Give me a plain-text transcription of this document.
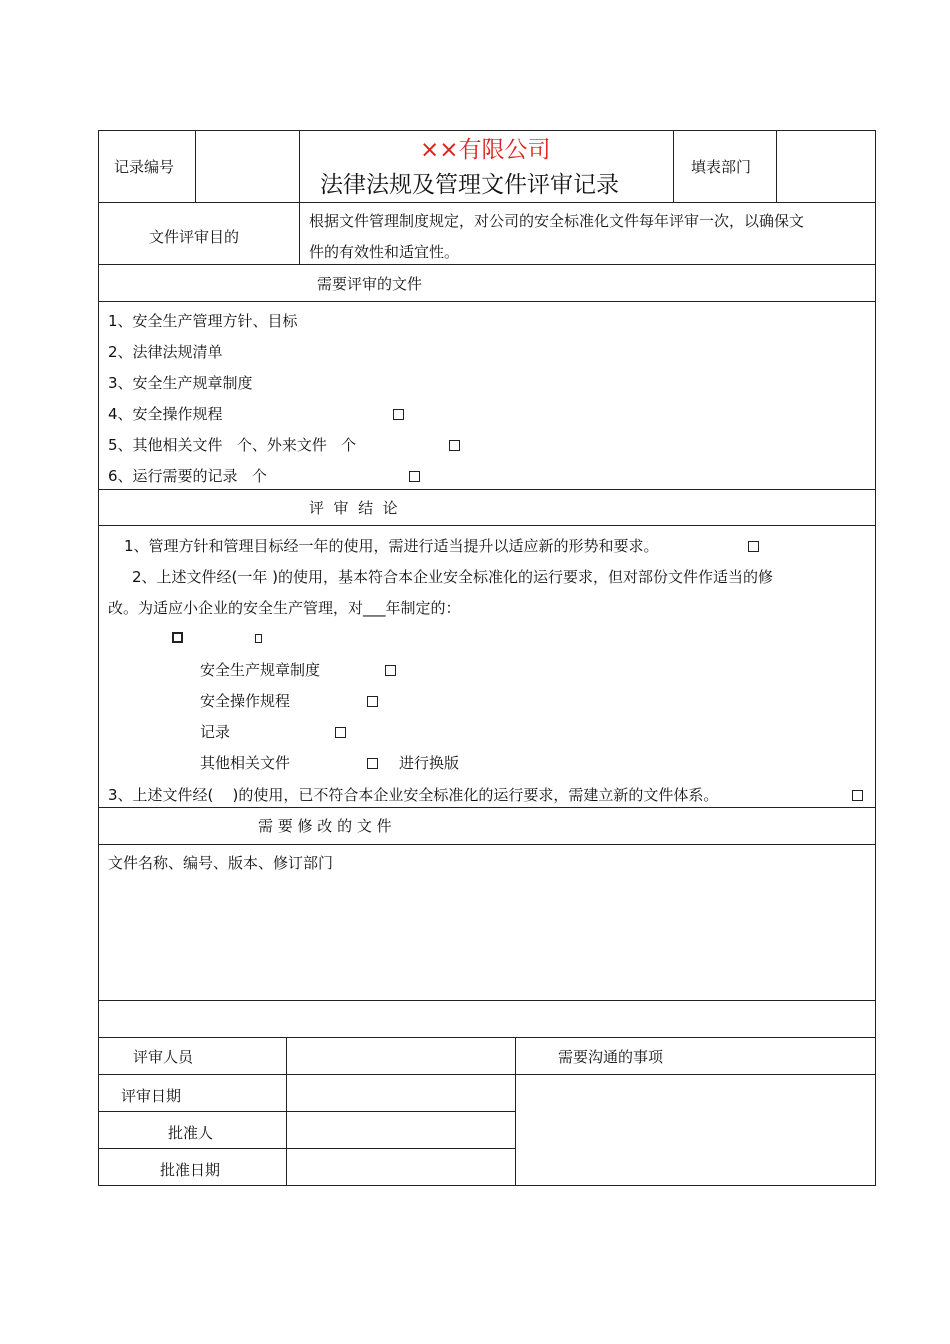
记录编号
××有限公司
法律法规及管理文件评审记录
填表部门
文件评审目的
根据文件管理制度规定，对公司的安全标准化文件每年评审一次，以确保文
件的有效性和适宜性。
需要评审的文件
1、安全生产管理方针、目标
2、法律法规清单
3、安全生产规章制度
4、安全操作规程
5、其他相关文件   个、外来文件   个
6、运行需要的记录   个
评  审  结  论
1、管理方针和管理目标经一年的使用，需进行适当提升以适应新的形势和要求。
2、上述文件经(一年 )的使用，基本符合本企业安全标准化的运行要求，但对部份文件作适当的修
改。为适应小企业的安全生产管理，对___年制定的：
安全生产规章制度
安全操作规程
记录
其他相关文件	进行换版
3、上述文件经(    )的使用，已不符合本企业安全标准化的运行要求，需建立新的文件体系。
需 要 修 改 的 文 件
文件名称、编号、版本、修订部门
评审人员	需要沟通的事项
评审日期
批准人
批准日期
